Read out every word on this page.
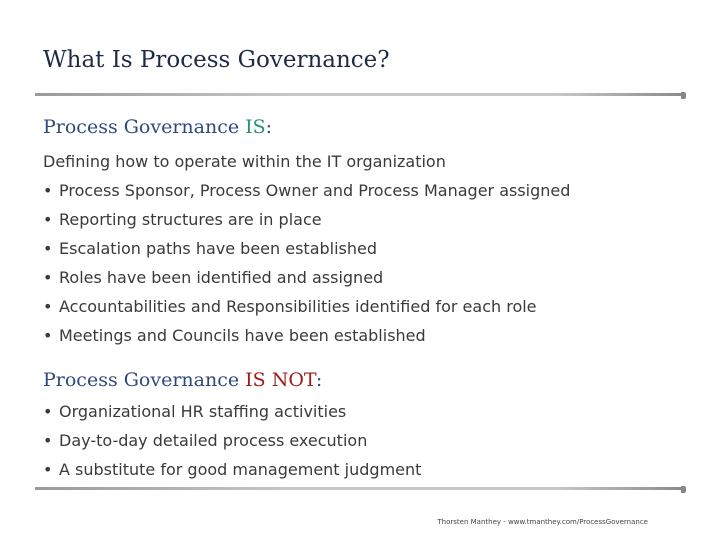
What Is Process Governance?
Process Governance IS:
Defining how to operate within the IT organization
• Process Sponsor, Process Owner and Process Manager assigned
• Reporting structures are in place
• Escalation paths have been established
• Roles have been identified and assigned
• Accountabilities and Responsibilities identified for each role
• Meetings and Councils have been established
Process Governance IS NOT:
• Organizational HR staffing activities
• Day-to-day detailed process execution
• A substitute for good management judgment
Thorsten Manthey - www.tmanthey.com/ProcessGovernance
